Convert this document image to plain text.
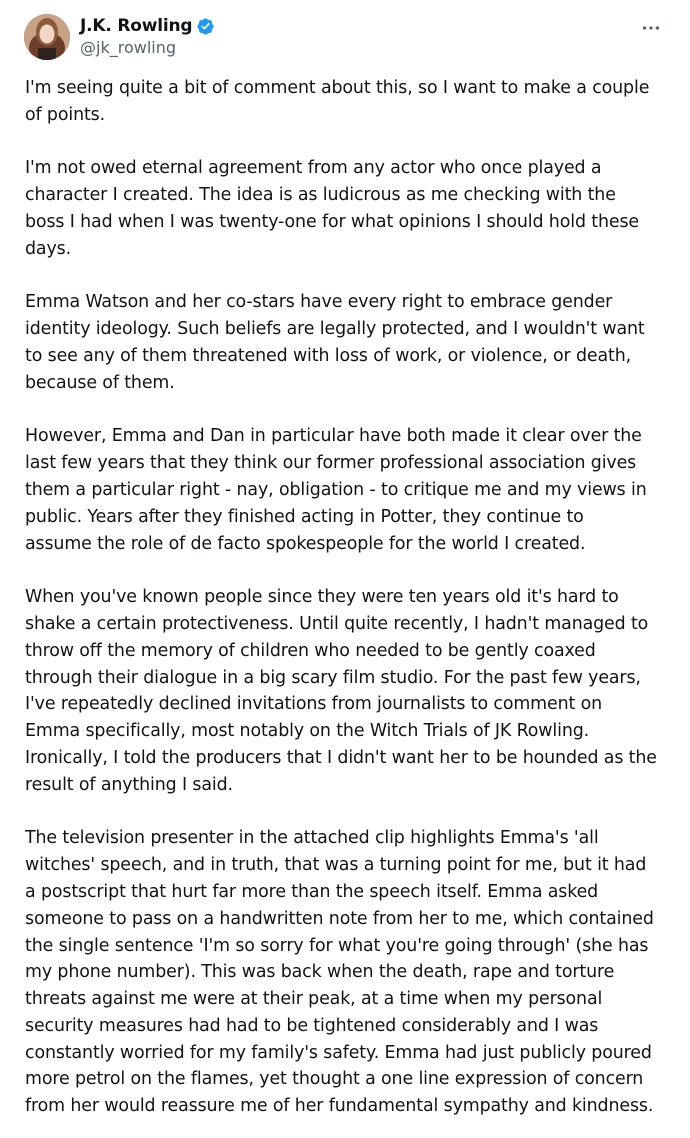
J.K. Rowling
@jk_rowling
I'm seeing quite a bit of comment about this, so I want to make a couple
of points.
I'm not owed eternal agreement from any actor who once played a
character I created. The idea is as ludicrous as me checking with the
boss I had when I was twenty-one for what opinions I should hold these
days.
Emma Watson and her co-stars have every right to embrace gender
identity ideology. Such beliefs are legally protected, and I wouldn't want
to see any of them threatened with loss of work, or violence, or death,
because of them.
However, Emma and Dan in particular have both made it clear over the
last few years that they think our former professional association gives
them a particular right - nay, obligation - to critique me and my views in
public. Years after they finished acting in Potter, they continue to
assume the role of de facto spokespeople for the world I created.
When you've known people since they were ten years old it's hard to
shake a certain protectiveness. Until quite recently, I hadn't managed to
throw off the memory of children who needed to be gently coaxed
through their dialogue in a big scary film studio. For the past few years,
I've repeatedly declined invitations from journalists to comment on
Emma specifically, most notably on the Witch Trials of JK Rowling.
Ironically, I told the producers that I didn't want her to be hounded as the
result of anything I said.
The television presenter in the attached clip highlights Emma's 'all
witches' speech, and in truth, that was a turning point for me, but it had
a postscript that hurt far more than the speech itself. Emma asked
someone to pass on a handwritten note from her to me, which contained
the single sentence 'I'm so sorry for what you're going through' (she has
my phone number). This was back when the death, rape and torture
threats against me were at their peak, at a time when my personal
security measures had had to be tightened considerably and I was
constantly worried for my family's safety. Emma had just publicly poured
more petrol on the flames, yet thought a one line expression of concern
from her would reassure me of her fundamental sympathy and kindness.
